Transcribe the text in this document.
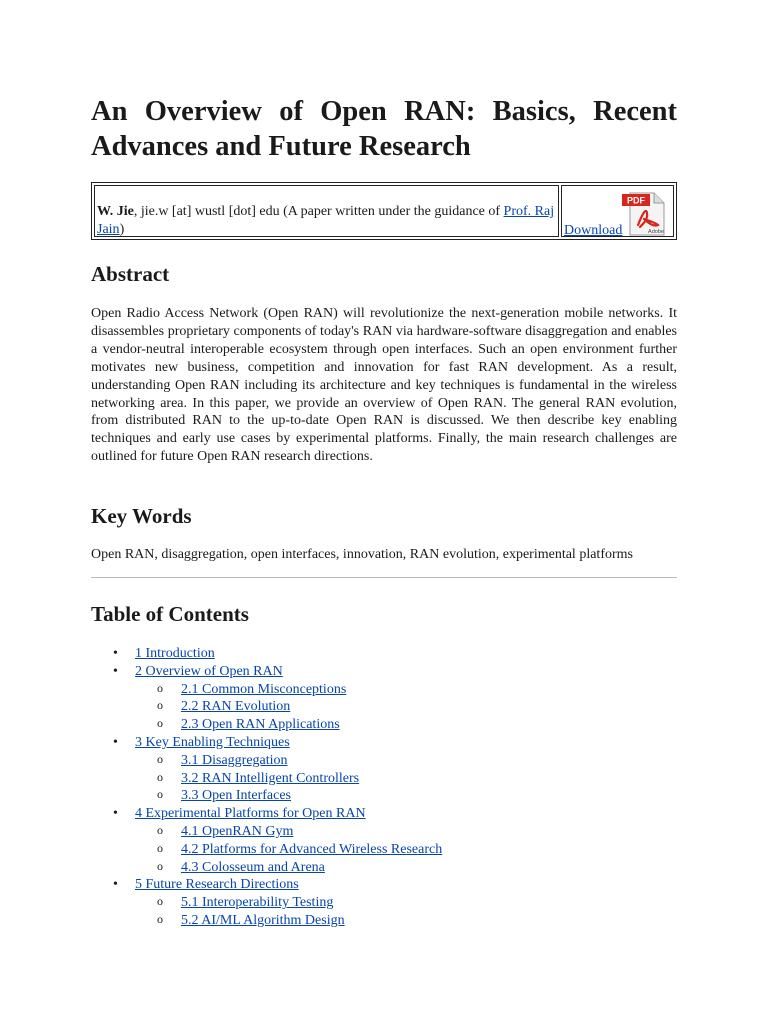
An Overview of Open RAN: Basics, Recent Advances and Future Research
W. Jie, jie.w [at] wustl [dot] edu (A paper written under the guidance of Prof. Raj Jain)	Download
PDF
Adobe
Abstract

Open Radio Access Network (Open RAN) will revolutionize the next-generation mobile networks. It disassembles proprietary components of today's RAN via hardware-software disaggregation and enables a vendor-neutral interoperable ecosystem through open interfaces. Such an open environment further motivates new business, competition and innovation for fast RAN development. As a result, understanding Open RAN including its architecture and key techniques is fundamental in the wireless networking area. In this paper, we provide an overview of Open RAN. The general RAN evolution, from distributed RAN to the up-to-date Open RAN is discussed. We then describe key enabling techniques and early use cases by experimental platforms. Finally, the main research challenges are outlined for future Open RAN research directions.

Key Words

Open RAN, disaggregation, open interfaces, innovation, RAN evolution, experimental platforms

Table of Contents
• 1 Introduction
• 2 Overview of Open RAN
o 2.1 Common Misconceptions
o 2.2 RAN Evolution
o 2.3 Open RAN Applications
• 3 Key Enabling Techniques
o 3.1 Disaggregation
o 3.2 RAN Intelligent Controllers
o 3.3 Open Interfaces
• 4 Experimental Platforms for Open RAN
o 4.1 OpenRAN Gym
o 4.2 Platforms for Advanced Wireless Research
o 4.3 Colosseum and Arena
• 5 Future Research Directions
o 5.1 Interoperability Testing
o 5.2 AI/ML Algorithm Design
